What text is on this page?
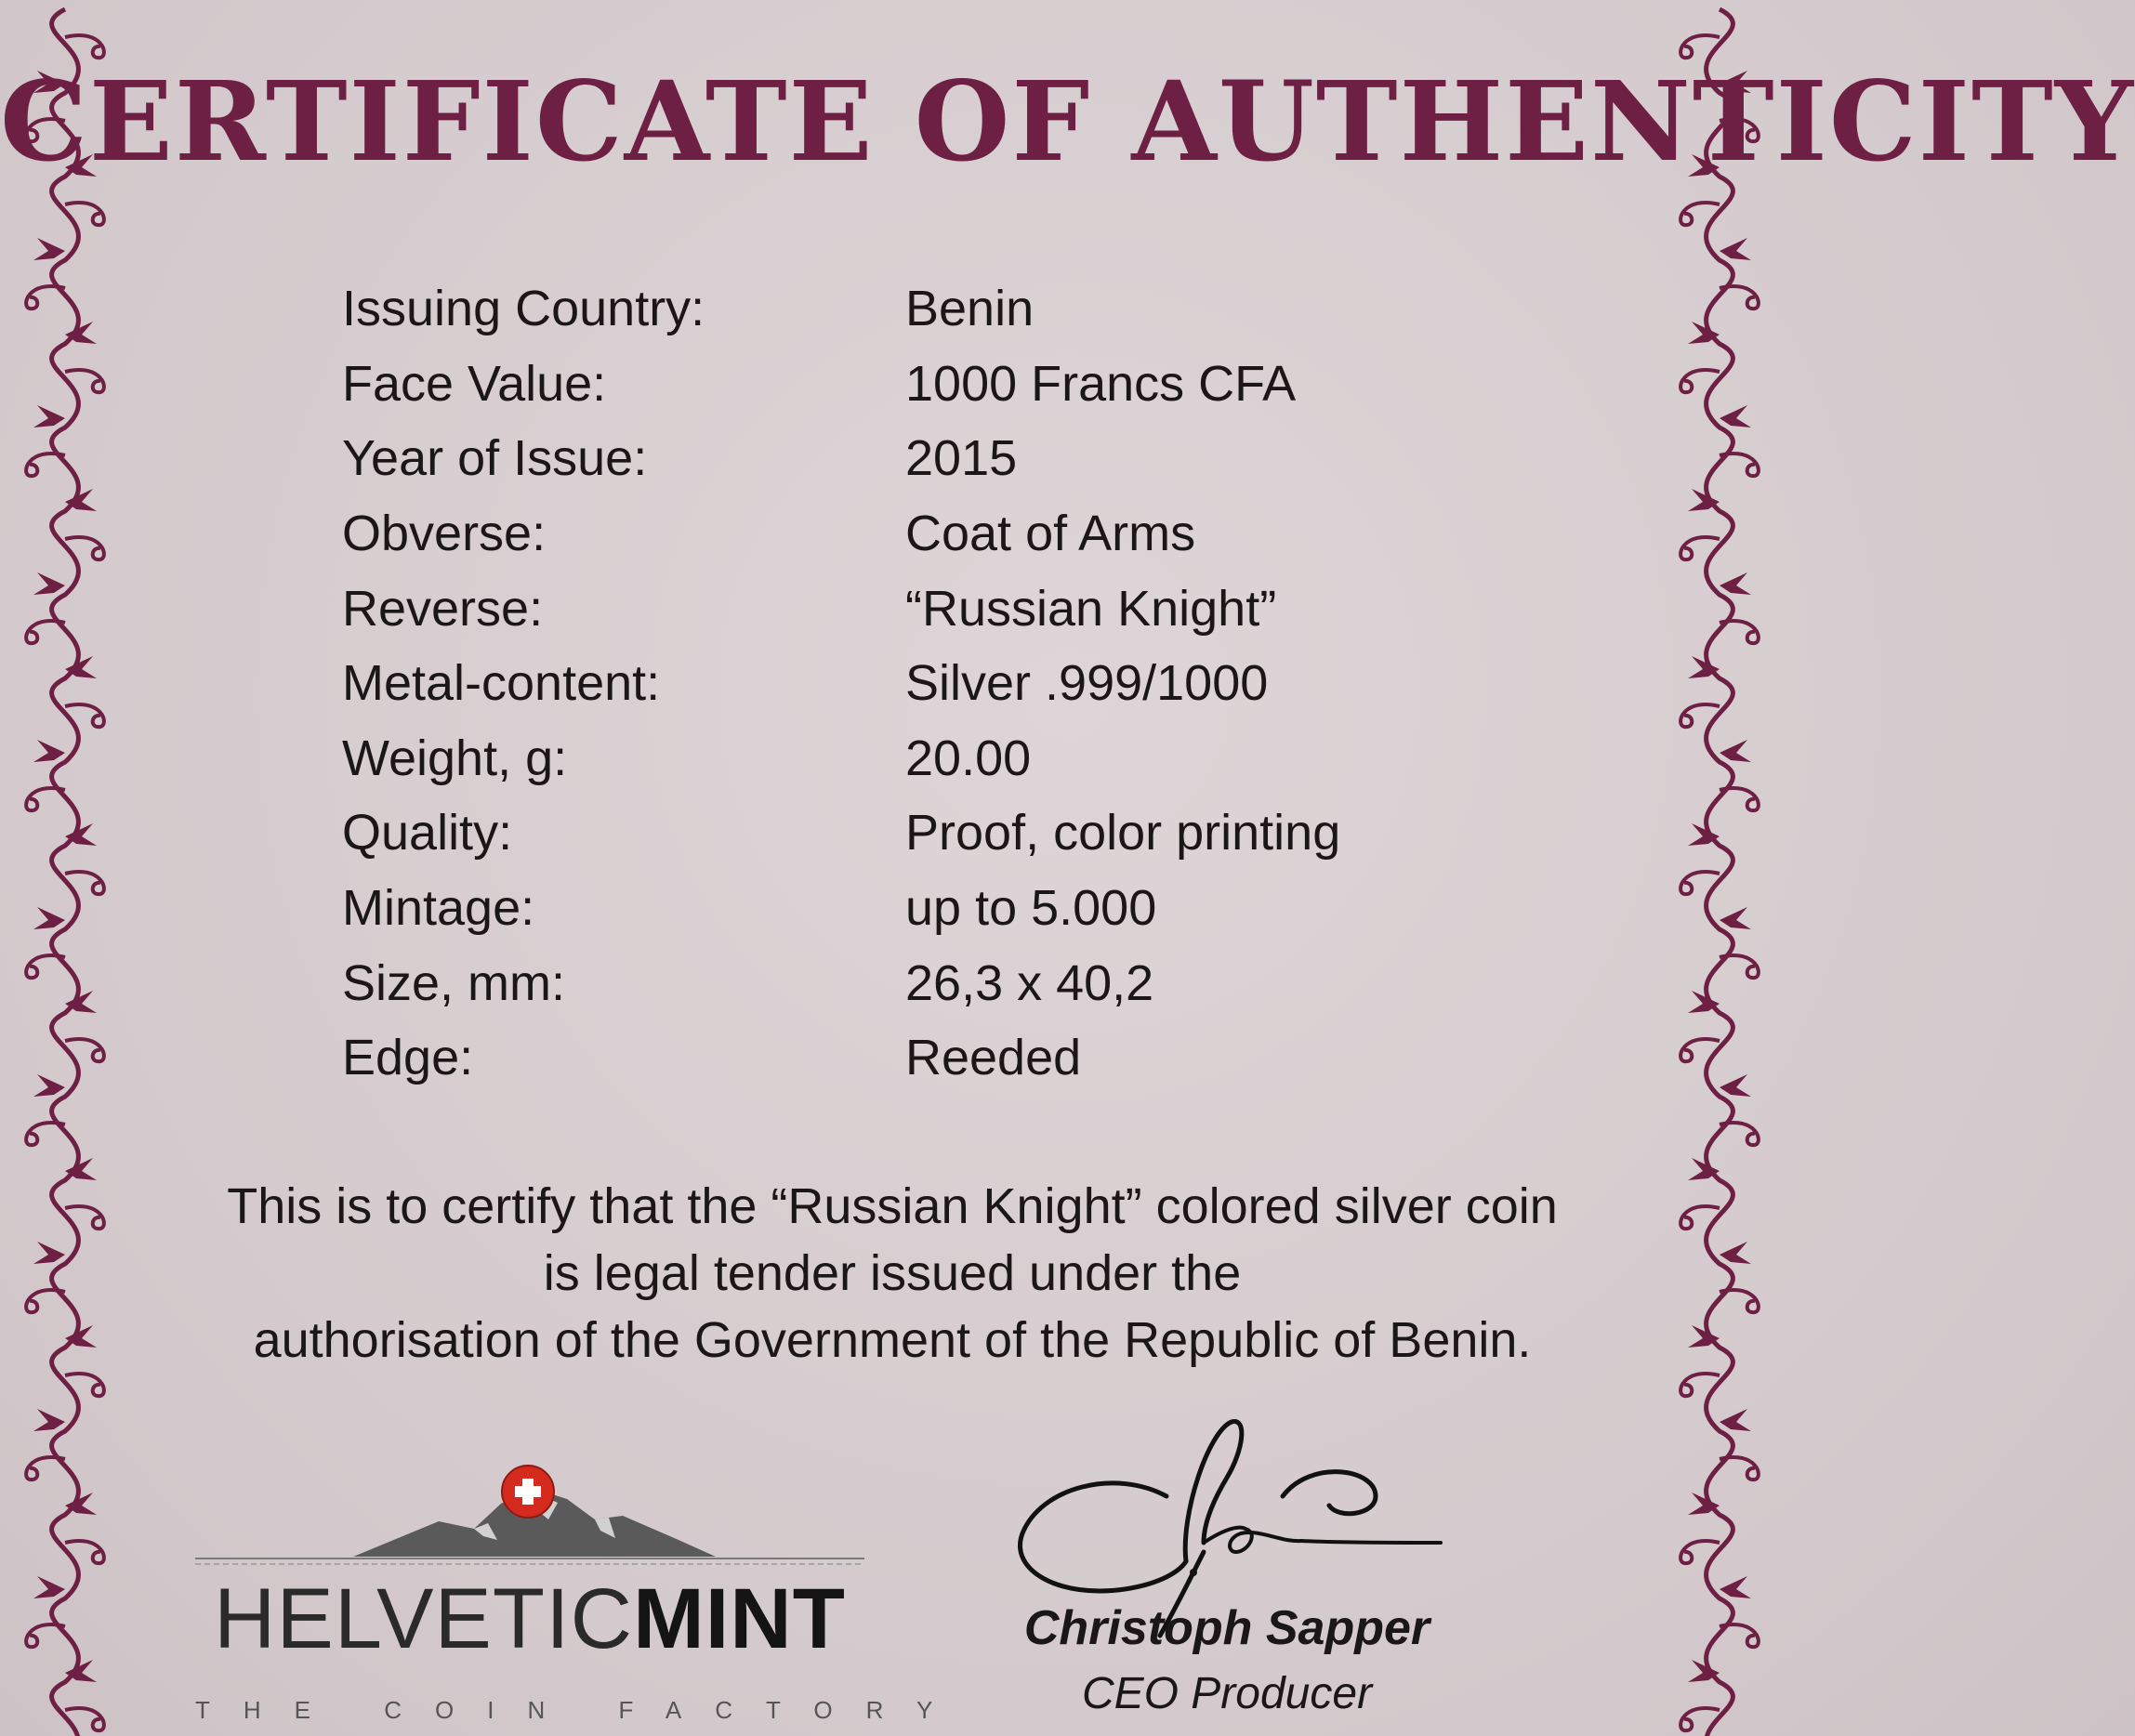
CERTIFICATE OF AUTHENTICITY
Issuing Country:	Benin
Face Value:	1000 Francs CFA
Year of Issue:	2015
Obverse:	Coat of Arms
Reverse:	“Russian Knight”
Metal-content:	Silver .999/1000
Weight, g:	20.00
Quality:	Proof, color printing
Mintage:	up to 5.000
Size, mm:	26,3 x 40,2
Edge:	Reeded
This is to certify that the “Russian Knight” colored silver coin
is legal tender issued under the
authorisation of the Government of the Republic of Benin.
HELVETICMINT
THE COIN FACTORY
Christoph Sapper
CEO Producer
